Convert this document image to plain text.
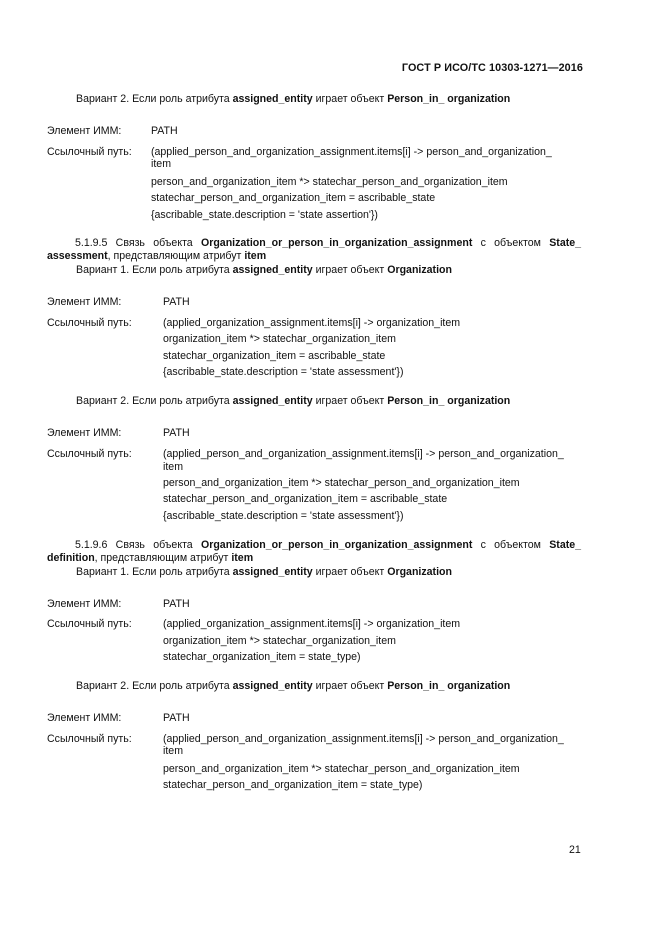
ГОСТ Р ИСО/ТС 10303-1271—2016
Вариант 2. Если роль атрибута assigned_entity играет объект Person_in_ organization
Элемент ИММ:	PATH
Ссылочный путь: (applied_person_and_organization_assignment.items[i] -> person_and_organization_
item
person_and_organization_item *> statechar_person_and_organization_item
statechar_person_and_organization_item = ascribable_state
{ascribable_state.description = 'state assertion'})
5.1.9.5 Связь объекта Organization_or_person_in_organization_assignment с объектом State_
assessment, представляющим атрибут item
Вариант 1. Если роль атрибута assigned_entity играет объект Organization
Элемент ИММ:	PATH
Ссылочный путь:	(applied_organization_assignment.items[i] -> organization_item
organization_item *> statechar_organization_item
statechar_organization_item = ascribable_state
{ascribable_state.description = 'state assessment'})
Вариант 2. Если роль атрибута assigned_entity играет объект Person_in_ organization
Элемент ИММ:	PATH
Ссылочный путь:	(applied_person_and_organization_assignment.items[i] -> person_and_organization_
item
person_and_organization_item *> statechar_person_and_organization_item
statechar_person_and_organization_item = ascribable_state
{ascribable_state.description = 'state assessment'})
5.1.9.6 Связь объекта Organization_or_person_in_organization_assignment с объектом State_
definition, представляющим атрибут item
Вариант 1. Если роль атрибута assigned_entity играет объект Organization
Элемент ИММ:	PATH
Ссылочный путь:	(applied_organization_assignment.items[i] -> organization_item
organization_item *> statechar_organization_item
statechar_organization_item = state_type)
Вариант 2. Если роль атрибута assigned_entity играет объект Person_in_ organization
Элемент ИММ:	PATH
Ссылочный путь:	(applied_person_and_organization_assignment.items[i] -> person_and_organization_
item
person_and_organization_item *> statechar_person_and_organization_item
statechar_person_and_organization_item = state_type)
21
